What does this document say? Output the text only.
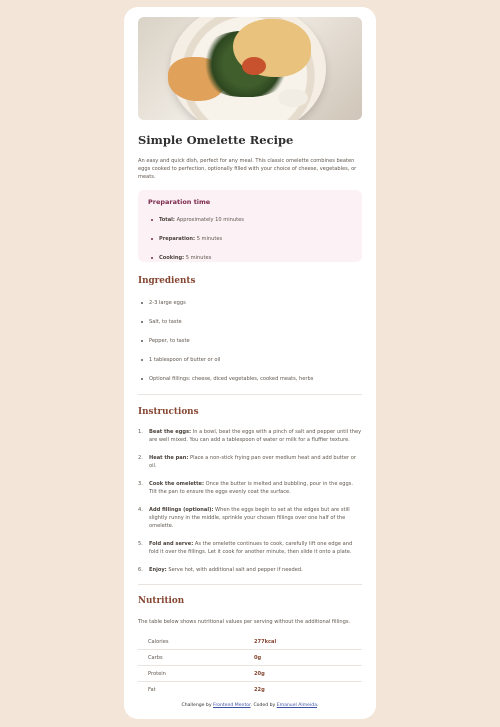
Simple Omelette Recipe

An easy and quick dish, perfect for any meal. This classic omelette combines beaten eggs cooked to perfection, optionally filled with your choice of cheese, vegetables, or meats.

Preparation time
Total: Approximately 10 minutes
Preparation: 5 minutes
Cooking: 5 minutes
Ingredients
2-3 large eggs
Salt, to taste
Pepper, to taste
1 tablespoon of butter or oil
Optional fillings: cheese, diced vegetables, cooked meats, herbs
Instructions
1. Beat the eggs: In a bowl, beat the eggs with a pinch of salt and pepper until they are well mixed. You can add a tablespoon of water or milk for a fluffier texture.
2. Heat the pan: Place a non-stick frying pan over medium heat and add butter or oil.
3. Cook the omelette: Once the butter is melted and bubbling, pour in the eggs. Tilt the pan to ensure the eggs evenly coat the surface.
4. Add fillings (optional): When the eggs begin to set at the edges but are still slightly runny in the middle, sprinkle your chosen fillings over one half of the omelette.
5. Fold and serve: As the omelette continues to cook, carefully lift one edge and fold it over the fillings. Let it cook for another minute, then slide it onto a plate.
6. Enjoy: Serve hot, with additional salt and pepper if needed.
Nutrition

The table below shows nutritional values per serving without the additional fillings.

Calories	277kcal
Carbs	0g
Protein	20g
Fat	22g
Challenge by Frontend Mentor. Coded by Emanuel Almeida.
